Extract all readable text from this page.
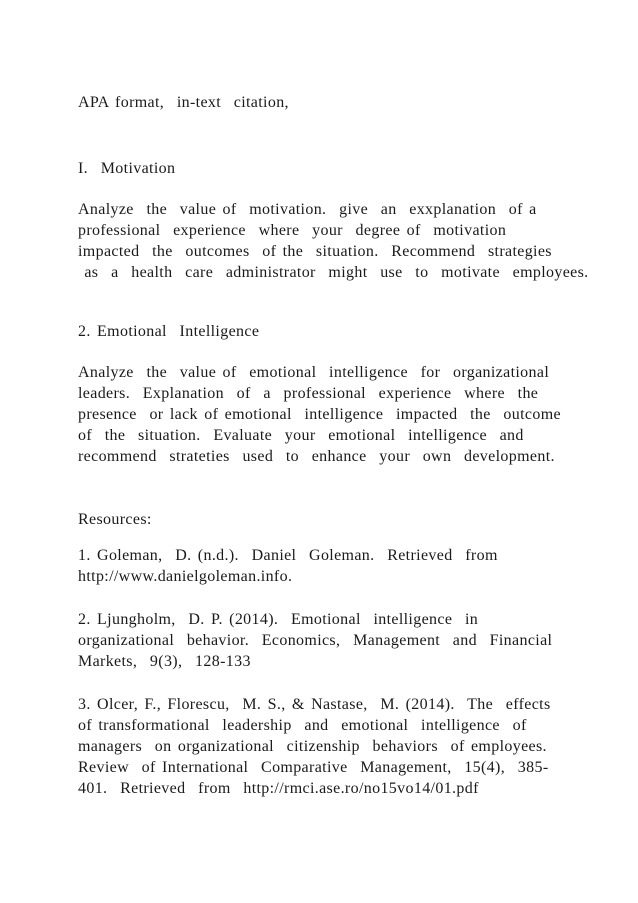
APA format,  in-text  citation,
I.  Motivation
Analyze  the  value of  motivation.  give  an  exxplanation  of a
professional  experience  where  your  degree of  motivation
impacted  the  outcomes  of the  situation.  Recommend  strategies
as  a  health  care  administrator  might  use  to  motivate  employees.
2. Emotional  Intelligence
Analyze  the  value of  emotional  intelligence  for  organizational
leaders.  Explanation  of  a  professional  experience  where  the
presence  or lack of emotional  intelligence  impacted  the  outcome
of  the  situation.  Evaluate  your  emotional  intelligence  and
recommend  strateties  used  to  enhance  your  own  development.
Resources:
1. Goleman,  D. (n.d.).  Daniel  Goleman.  Retrieved  from
http://www.danielgoleman.info.
2. Ljungholm,  D. P. (2014).  Emotional  intelligence  in
organizational  behavior.  Economics,  Management  and  Financial
Markets,  9(3),  128-133
3. Olcer, F., Florescu,  M. S., & Nastase,  M. (2014).  The  effects
of transformational  leadership  and  emotional  intelligence  of
managers  on organizational  citizenship  behaviors  of employees.
Review  of International  Comparative  Management,  15(4),  385-
401.  Retrieved  from  http://rmci.ase.ro/no15vo14/01.pdf
